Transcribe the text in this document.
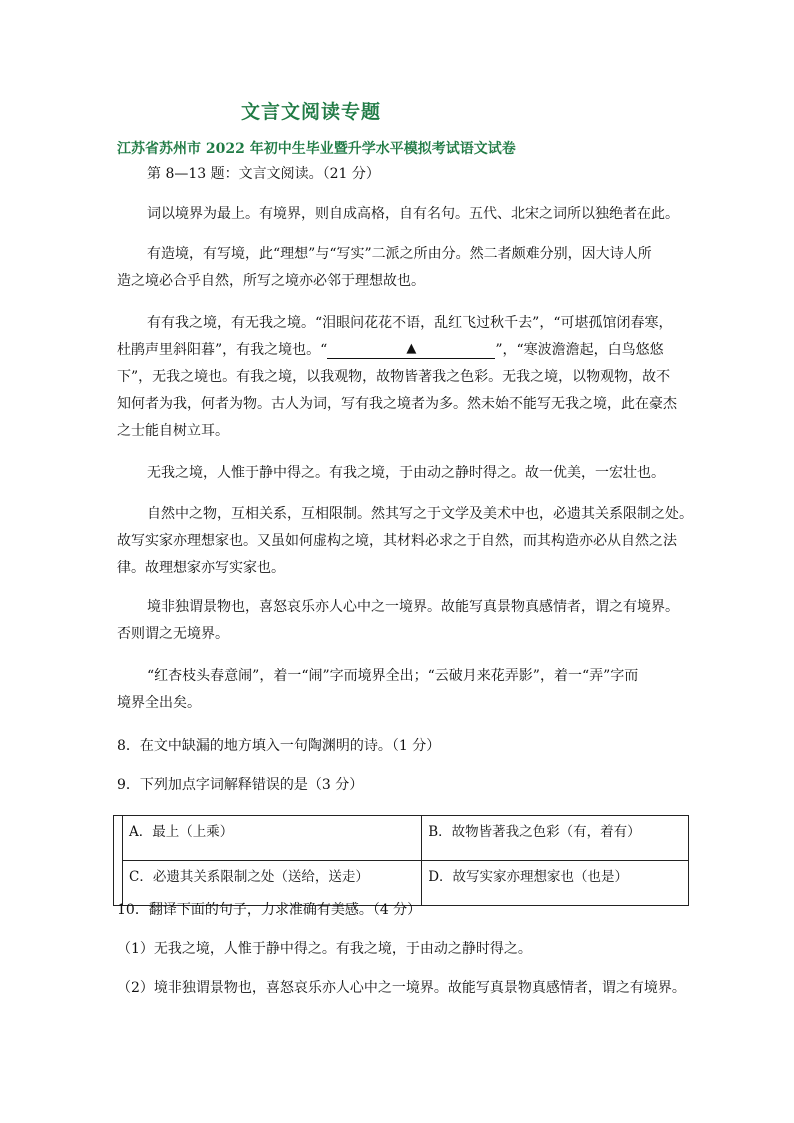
文言文阅读专题
江苏省苏州市 2022 年初中生毕业暨升学水平模拟考试语文试卷
第 8—13 题：文言文阅读。（21 分）
词以境界为最上。有境界，则自成高格，自有名句。五代、北宋之词所以独绝者在此。
有造境，有写境，此“理想”与“写实”二派之所由分。然二者颇难分别，因大诗人所
造之境必合乎自然，所写之境亦必邻于理想故也。
有有我之境，有无我之境。“泪眼问花花不语，乱红飞过秋千去”，“可堪孤馆闭春寒，
杜鹃声里斜阳暮”，有我之境也。“	▲	”，“寒波澹澹起，白鸟悠悠
下”，无我之境也。有我之境，以我观物，故物皆著我之色彩。无我之境，以物观物，故不
知何者为我，何者为物。古人为词，写有我之境者为多。然未始不能写无我之境，此在豪杰
之士能自树立耳。
无我之境，人惟于静中得之。有我之境，于由动之静时得之。故一优美，一宏壮也。
自然中之物，互相关系，互相限制。然其写之于文学及美术中也，必遗其关系限制之处。
故写实家亦理想家也。又虽如何虚构之境，其材料必求之于自然，而其构造亦必从自然之法
律。故理想家亦写实家也。
境非独谓景物也，喜怒哀乐亦人心中之一境界。故能写真景物真感情者，谓之有境界。
否则谓之无境界。
“红杏枝头春意闹”，着一“闹”字而境界全出；“云破月来花弄影”，着一“弄”字而
境界全出矣。
8．在文中缺漏的地方填入一句陶渊明的诗。（1 分）
9．下列加点字词解释错误的是（3 分）
	A．最上（上乘）	B．故物皆著我之色彩（有，着有）
	C．必遗其关系限制之处（送给，送走）	D．故写实家亦理想家也（也是）
10．翻译下面的句子，力求准确有美感。（4 分）
（1）无我之境，人惟于静中得之。有我之境，于由动之静时得之。
（2）境非独谓景物也，喜怒哀乐亦人心中之一境界。故能写真景物真感情者，谓之有境界。
